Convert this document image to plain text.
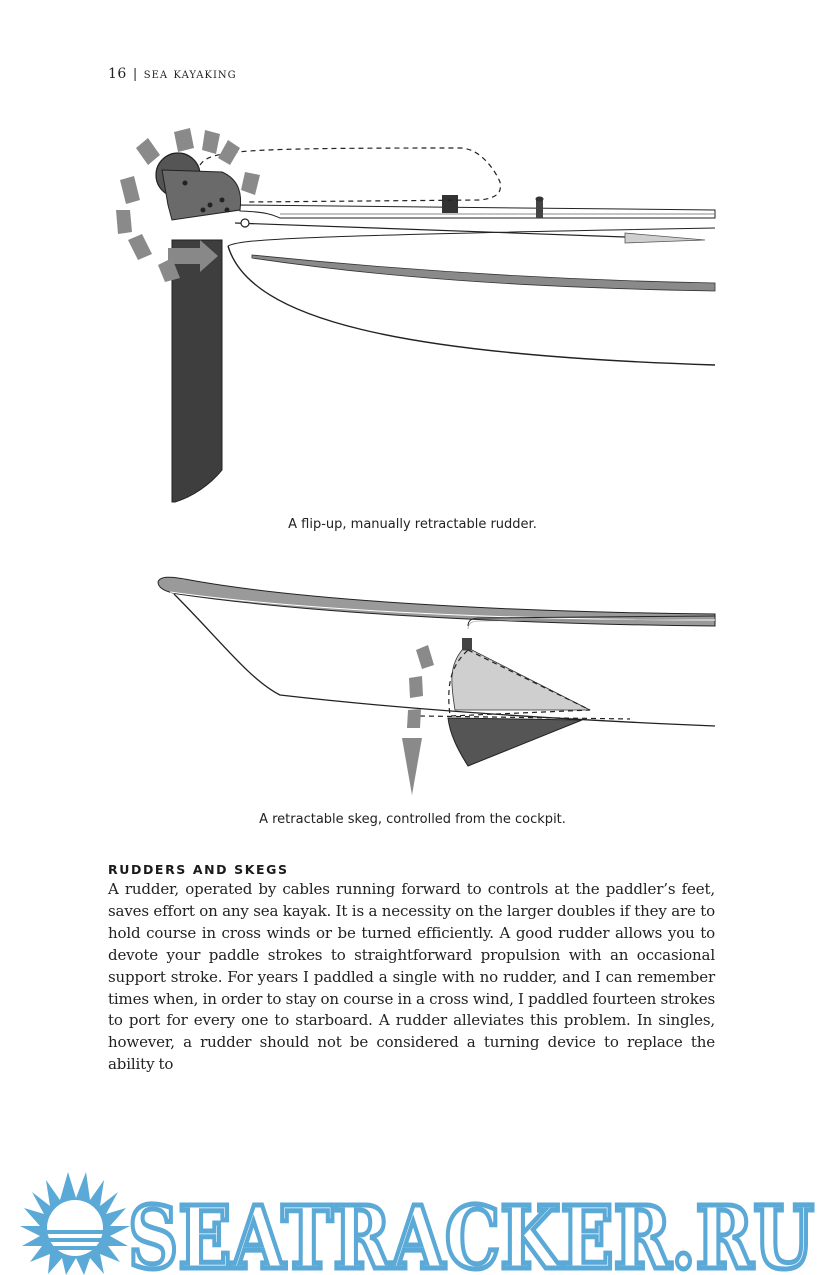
16 | sea kayaking
A flip-up, manually retractable rudder.
A retractable skeg, controlled from the cockpit.
RUDDERS AND SKEGS
A rudder, operated by cables running forward to controls at the paddler’s feet, saves effort on any sea kayak. It is a necessity on the larger doubles if they are to hold course in cross winds or be turned efficiently. A good rudder allows you to devote your paddle strokes to straightforward propulsion with an occasional support stroke. For years I paddled a single with no rudder, and I can remember times when, in order to stay on course in a cross wind, I paddled fourteen strokes to port for every one to starboard. A rudder alleviates this problem. In singles, however, a rudder should not be considered a turning device to replace the ability to
SEATRACKER.RU
